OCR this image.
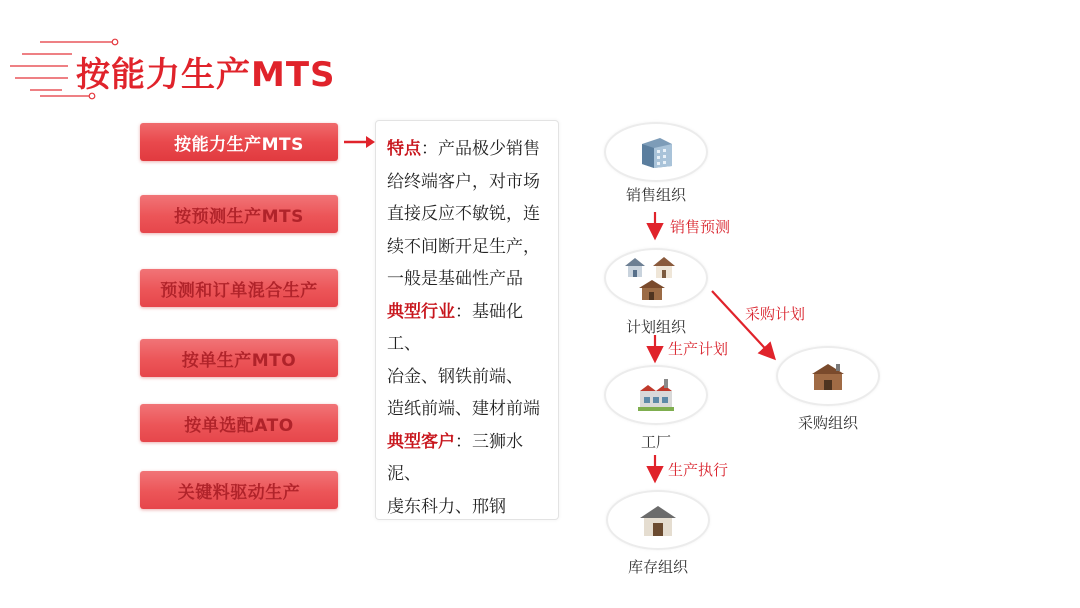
按能力生产MTS
按能力生产MTS
按预测生产MTS
预测和订单混合生产
按单生产MTO
按单选配ATO
关键料驱动生产

特点：产品极少销售

给终端客户，对市场

直接反应不敏锐，连

续不间断开足生产，

一般是基础性产品

典型行业：基础化工、

冶金、钢铁前端、

造纸前端、建材前端

典型客户：三狮水泥、

虔东科力、邢钢

销售组织
计划组织
工厂
采购组织
库存组织
销售预测
生产计划
采购计划
生产执行
